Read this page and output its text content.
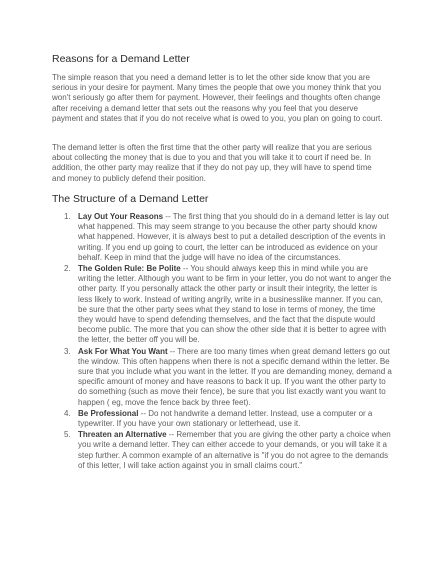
Reasons for a Demand Letter

The simple reason that you need a demand letter is to let the other side know that you are serious in your desire for payment. Many times the people that owe you money think that you won't seriously go after them for payment. However, their feelings and thoughts often change after receiving a demand letter that sets out the reasons why you feel that you deserve payment and states that if you do not receive what is owed to you, you plan on going to court.

The demand letter is often the first time that the other party will realize that you are serious about collecting the money that is due to you and that you will take it to court if need be. In addition, the other party may realize that if they do not pay up, they will have to spend time and money to publicly defend their position.

The Structure of a Demand Letter
1. Lay Out Your Reasons -- The first thing that you should do in a demand letter is lay out what happened. This may seem strange to you because the other party should know what happened. However, it is always best to put a detailed description of the events in writing. If you end up going to court, the letter can be introduced as evidence on your behalf. Keep in mind that the judge will have no idea of the circumstances.
2. The Golden Rule: Be Polite -- You should always keep this in mind while you are writing the letter. Although you want to be firm in your letter, you do not want to anger the other party. If you personally attack the other party or insult their integrity, the letter is less likely to work. Instead of writing angrily, write in a businesslike manner. If you can, be sure that the other party sees what they stand to lose in terms of money, the time they would have to spend defending themselves, and the fact that the dispute would become public. The more that you can show the other side that it is better to agree with the letter, the better off you will be.
3. Ask For What You Want -- There are too many times when great demand letters go out the window. This often happens when there is not a specific demand within the letter. Be sure that you include what you want in the letter. If you are demanding money, demand a specific amount of money and have reasons to back it up. If you want the other party to do something (such as move their fence), be sure that you list exactly want you want to happen ( eg, move the fence back by three feet).
4. Be Professional -- Do not handwrite a demand letter. Instead, use a computer or a typewriter. If you have your own stationary or letterhead, use it.
5. Threaten an Alternative -- Remember that you are giving the other party a choice when you write a demand letter. They can either accede to your demands, or you will take it a step further. A common example of an alternative is "if you do not agree to the demands of this letter, I will take action against you in small claims court."
